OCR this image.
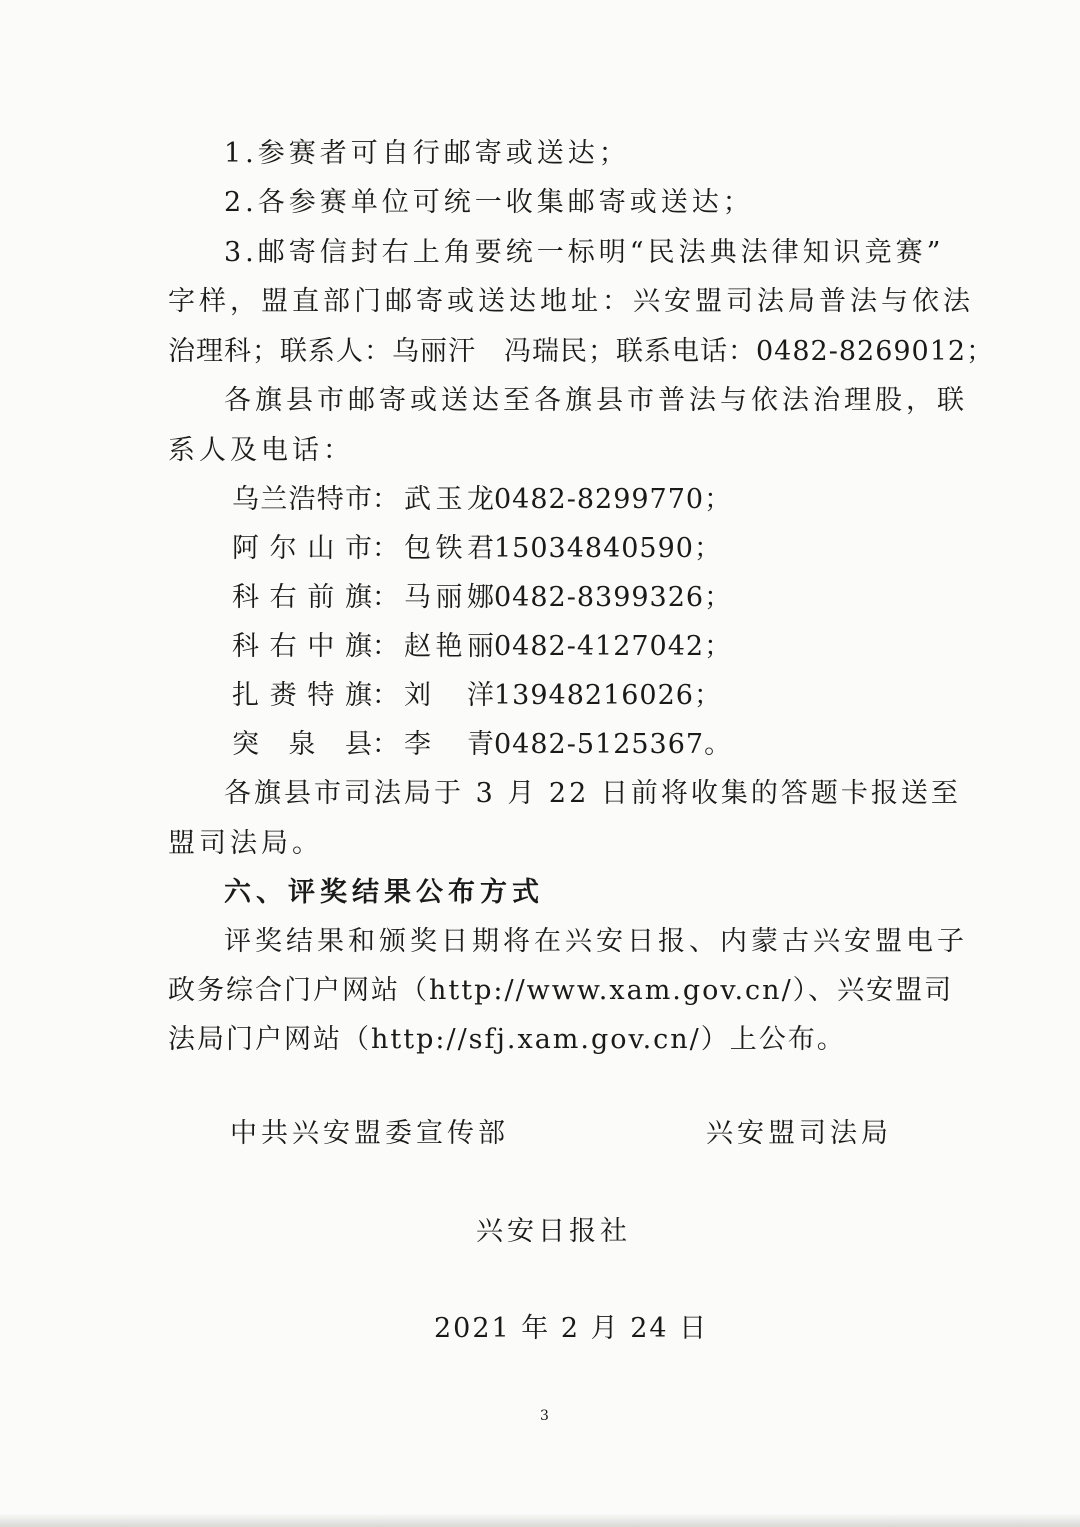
1.参赛者可自行邮寄或送达；
2.各参赛单位可统一收集邮寄或送达；
3.邮寄信封右上角要统一标明“民法典法律知识竞赛”
字样，盟直部门邮寄或送达地址：兴安盟司法局普法与依法
治理科；联系人：乌丽汗　冯瑞民；联系电话：0482-8269012；
各旗县市邮寄或送达至各旗县市普法与依法治理股，联
系人及电话：
乌 兰 浩 特 市 ： 武 玉 龙 0482-8299770；
阿 尔 山 市 ： 包 铁 君 15034840590；
科 右 前 旗 ： 马 丽 娜 0482-8399326；
科 右 中 旗 ： 赵 艳 丽 0482-4127042；
扎 赉 特 旗 ： 刘 洋 13948216026；
突 泉 县 ： 李 青 0482-5125367。
各旗县市司法局于 3 月 22 日前将收集的答题卡报送至
盟司法局。
六、评奖结果公布方式
评奖结果和颁奖日期将在兴安日报、内蒙古兴安盟电子
政务综合门户网站（http://www.xam.gov.cn/）、兴安盟司
法局门户网站（http://sfj.xam.gov.cn/）上公布。
中共兴安盟委宣传部	兴安盟司法局
兴安日报社
2021 年 2 月 24 日
3
